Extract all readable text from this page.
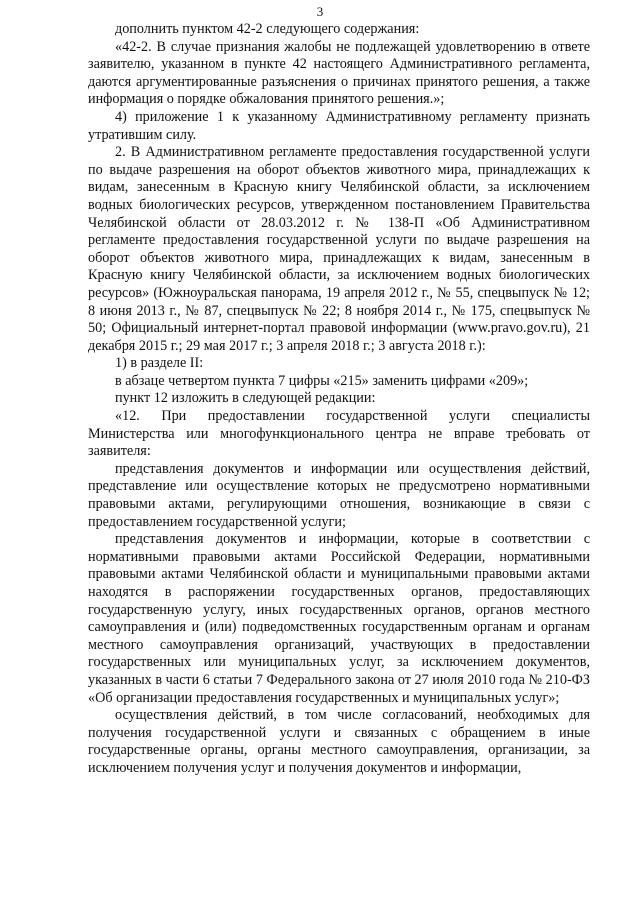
3

дополнить пунктом 42-2 следующего содержания:

«42-2. В случае признания жалобы не подлежащей удовлетворению в ответе заявителю, указанном в пункте 42 настоящего Административного регламента, даются аргументированные разъяснения о причинах принятого решения, а также информация о порядке обжалования принятого решения.»;

4) приложение 1 к указанному Административному регламенту признать утратившим силу.

2. В Административном регламенте предоставления государственной услуги по выдаче разрешения на оборот объектов животного мира, принадлежащих к видам, занесенным в Красную книгу Челябинской области, за исключением водных биологических ресурсов, утвержденном постановлением Правительства Челябинской области от 28.03.2012 г. № 138-П «Об Административном регламенте предоставления государственной услуги по выдаче разрешения на оборот объектов животного мира, принадлежащих к видам, занесенным в Красную книгу Челябинской области, за исключением водных биологических ресурсов» (Южноуральская панорама, 19 апреля 2012 г., № 55, спецвыпуск № 12; 8 июня 2013 г., № 87, спецвыпуск № 22; 8 ноября 2014 г., № 175, спецвыпуск № 50; Официальный интернет-портал правовой информации (www.pravo.gov.ru), 21 декабря 2015 г.; 29 мая 2017 г.; 3 апреля 2018 г.; 3 августа 2018 г.):

1) в разделе II:

в абзаце четвертом пункта 7 цифры «215» заменить цифрами «209»;

пункт 12 изложить в следующей редакции:

«12. При предоставлении государственной услуги специалисты Министерства или многофункционального центра не вправе требовать от заявителя:

представления документов и информации или осуществления действий, представление или осуществление которых не предусмотрено нормативными правовыми актами, регулирующими отношения, возникающие в связи с предоставлением государственной услуги;

представления документов и информации, которые в соответствии с нормативными правовыми актами Российской Федерации, нормативными правовыми актами Челябинской области и муниципальными правовыми актами находятся в распоряжении государственных органов, предоставляющих государственную услугу, иных государственных органов, органов местного самоуправления и (или) подведомственных государственным органам и органам местного самоуправления организаций, участвующих в предоставлении государственных или муниципальных услуг, за исключением документов, указанных в части 6 статьи 7 Федерального закона от 27 июля 2010 года № 210-ФЗ «Об организации предоставления государственных и муниципальных услуг»;

осуществления действий, в том числе согласований, необходимых для получения государственной услуги и связанных с обращением в иные государственные органы, органы местного самоуправления, организации, за исключением получения услуг и получения документов и информации,
